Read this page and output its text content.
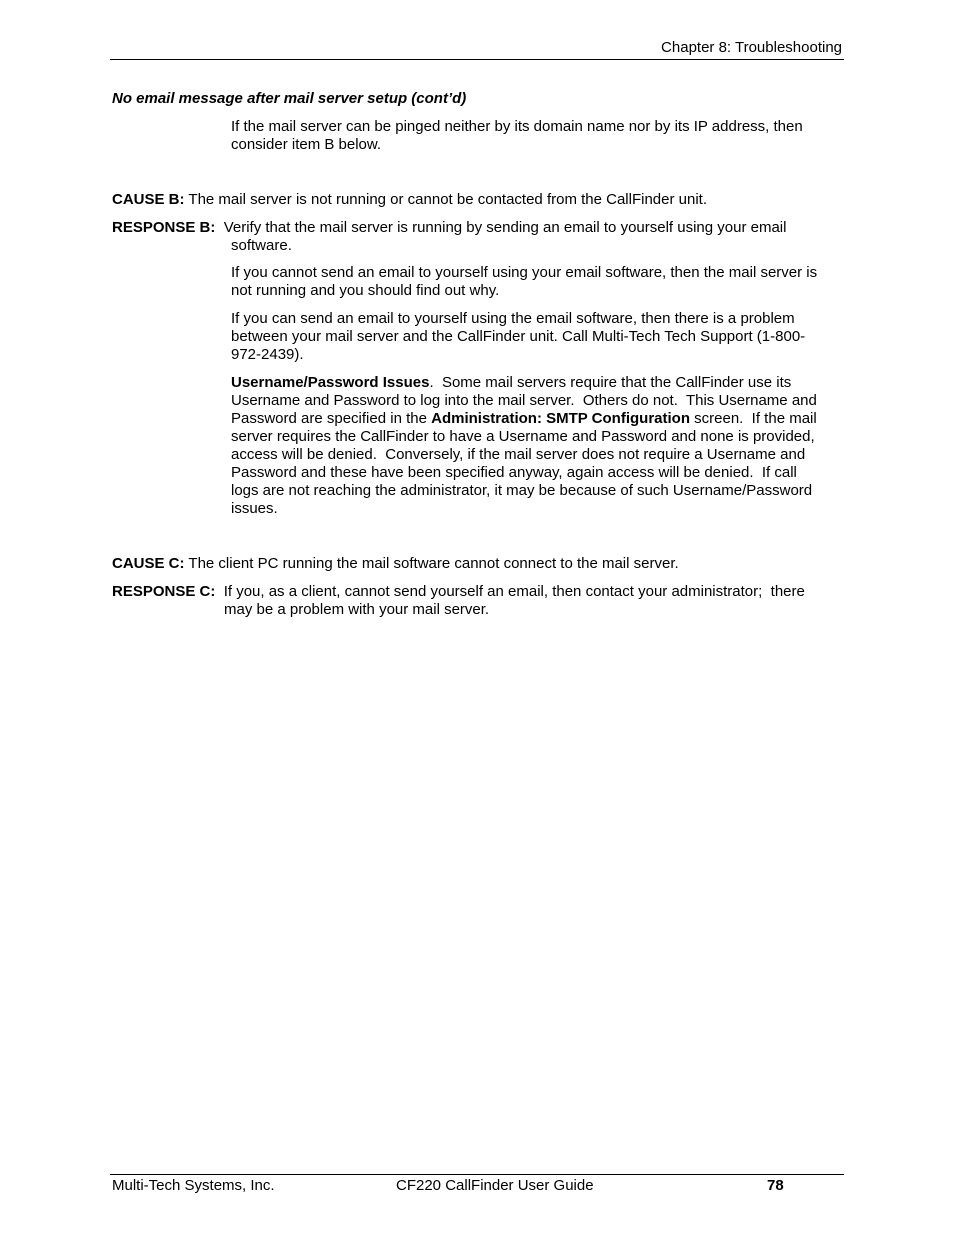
Chapter 8: Troubleshooting
No email message after mail server setup (cont’d)
If the mail server can be pinged neither by its domain name nor by its IP address, then
consider item B below.
CAUSE B: The mail server is not running or cannot be contacted from the CallFinder unit.
RESPONSE B:  Verify that the mail server is running by sending an email to yourself using your email
software.
If you cannot send an email to yourself using your email software, then the mail server is
not running and you should find out why.
If you can send an email to yourself using the email software, then there is a problem
between your mail server and the CallFinder unit. Call Multi-Tech Tech Support (1-800-
972-2439).
Username/Password Issues.  Some mail servers require that the CallFinder use its
Username and Password to log into the mail server.  Others do not.  This Username and
Password are specified in the Administration: SMTP Configuration screen.  If the mail
server requires the CallFinder to have a Username and Password and none is provided,
access will be denied.  Conversely, if the mail server does not require a Username and
Password and these have been specified anyway, again access will be denied.  If call
logs are not reaching the administrator, it may be because of such Username/Password
issues.
CAUSE C: The client PC running the mail software cannot connect to the mail server.
RESPONSE C:  If you, as a client, cannot send yourself an email, then contact your administrator;  there
may be a problem with your mail server.
Multi-Tech Systems, Inc.	CF220 CallFinder User Guide	78
